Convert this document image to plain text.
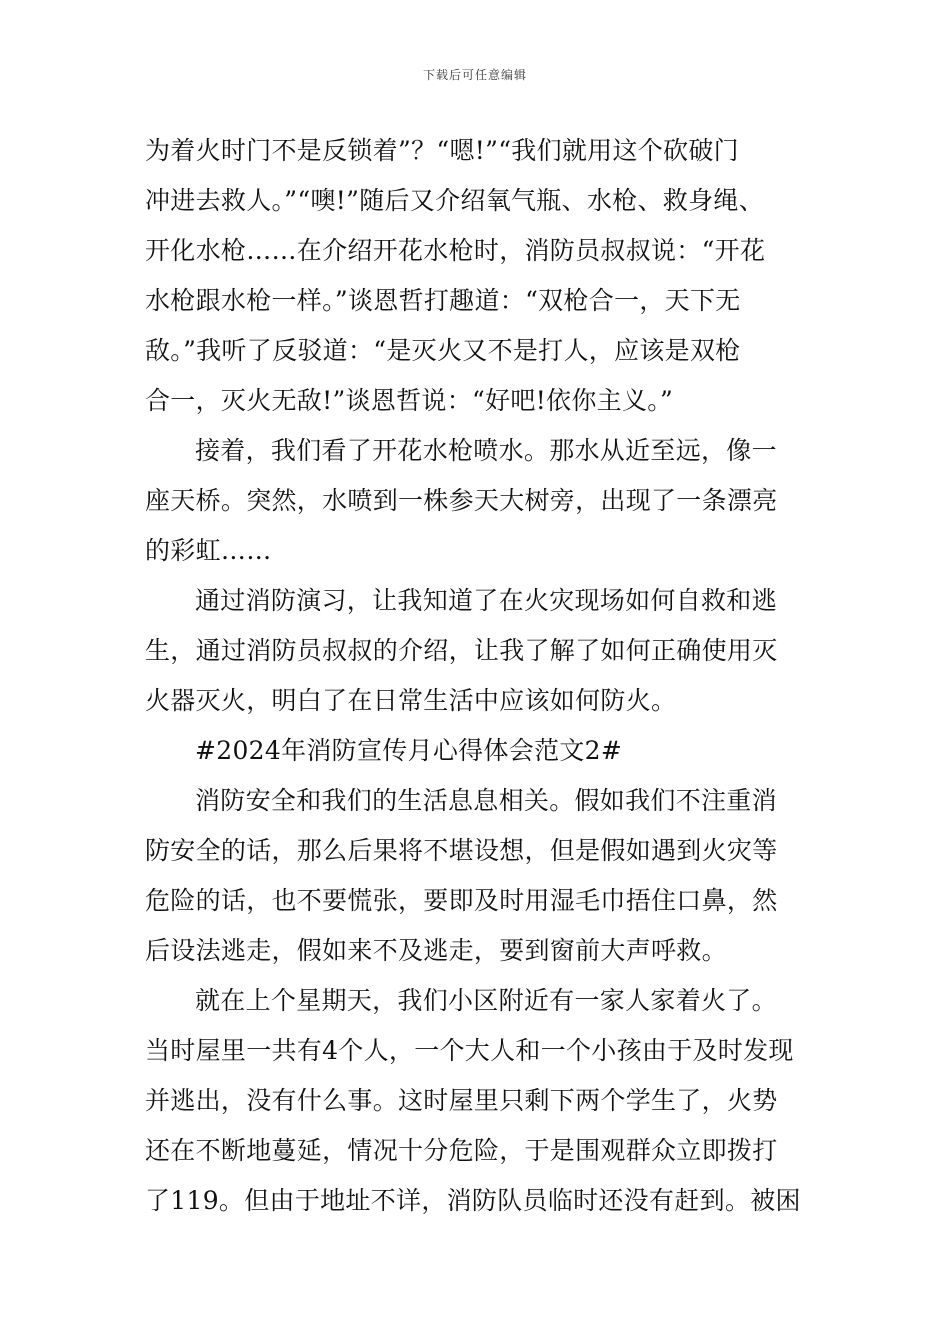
下载后可任意编辑
为着火时门不是反锁着”？“嗯!”“我们就用这个砍破门
冲进去救人。”“噢!”随后又介绍氧气瓶、水枪、救身绳、
开化水枪……在介绍开花水枪时，消防员叔叔说：“开花
水枪跟水枪一样。”谈恩哲打趣道：“双枪合一，天下无
敌。”我听了反驳道：“是灭火又不是打人，应该是双枪
合一，灭火无敌!”谈恩哲说：“好吧!依你主义。”
接着，我们看了开花水枪喷水。那水从近至远，像一
座天桥。突然，水喷到一株参天大树旁，出现了一条漂亮
的彩虹……
通过消防演习，让我知道了在火灾现场如何自救和逃
生，通过消防员叔叔的介绍，让我了解了如何正确使用灭
火器灭火，明白了在日常生活中应该如何防火。
#2024年消防宣传月心得体会范文2#
消防安全和我们的生活息息相关。假如我们不注重消
防安全的话，那么后果将不堪设想，但是假如遇到火灾等
危险的话，也不要慌张，要即及时用湿毛巾捂住口鼻，然
后设法逃走，假如来不及逃走，要到窗前大声呼救。
就在上个星期天，我们小区附近有一家人家着火了。
当时屋里一共有4个人，一个大人和一个小孩由于及时发现
并逃出，没有什么事。这时屋里只剩下两个学生了，火势
还在不断地蔓延，情况十分危险，于是围观群众立即拨打
了119。但由于地址不详，消防队员临时还没有赶到。被困
